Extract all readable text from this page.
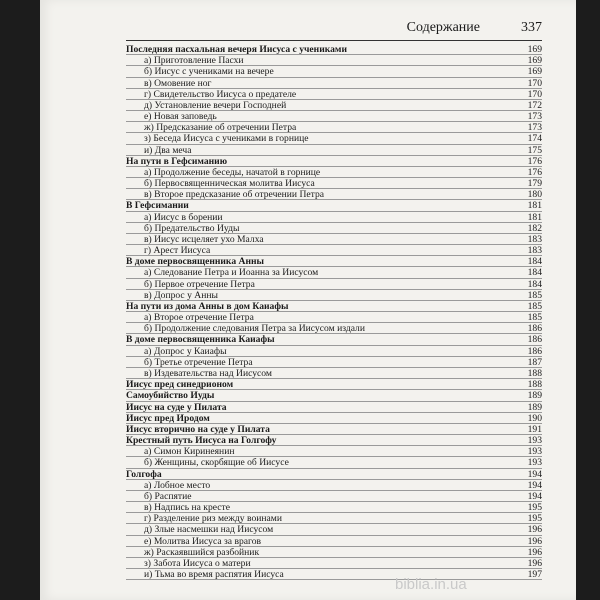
Содержание	337
Последняя пасхальная вечеря Иисуса с учениками	169
а) Приготовление Пасхи	169
б) Иисус с учениками на вечере	169
в) Омовение ног	170
г) Свидетельство Иисуса о предателе	170
д) Установление вечери Господней	172
е) Новая заповедь	173
ж) Предсказание об отречении Петра	173
з) Беседа Иисуса с учениками в горнице	174
и) Два меча	175
На пути в Гефсиманию	176
а) Продолжение беседы, начатой в горнице	176
б) Первосвященническая молитва Иисуса	179
в) Второе предсказание об отречении Петра	180
В Гефсимании	181
а) Иисус в борении	181
б) Предательство Иуды	182
в) Иисус исцеляет ухо Малха	183
г) Арест Иисуса	183
В доме первосвященника Анны	184
а) Следование Петра и Иоанна за Иисусом	184
б) Первое отречение Петра	184
в) Допрос у Анны	185
На пути из дома Анны в дом Каиафы	185
а) Второе отречение Петра	185
б) Продолжение следования Петра за Иисусом издали	186
В доме первосвященника Каиафы	186
а) Допрос у Каиафы	186
б) Третье отречение Петра	187
в) Издевательства над Иисусом	188
Иисус пред синедрионом	188
Самоубийство Иуды	189
Иисус на суде у Пилата	189
Иисус пред Иродом	190
Иисус вторично на суде у Пилата	191
Крестный путь Иисуса на Голгофу	193
а) Симон Киринеянин	193
б) Женщины, скорбящие об Иисусе	193
Голгофа	194
а) Лобное место	194
б) Распятие	194
в) Надпись на кресте	195
г) Разделение риз между воинами	195
д) Злые насмешки над Иисусом	196
е) Молитва Иисуса за врагов	196
ж) Раскаявшийся разбойник	196
з) Забота Иисуса о матери	196
и) Тьма во время распятия Иисуса	197
biblia.in.ua
